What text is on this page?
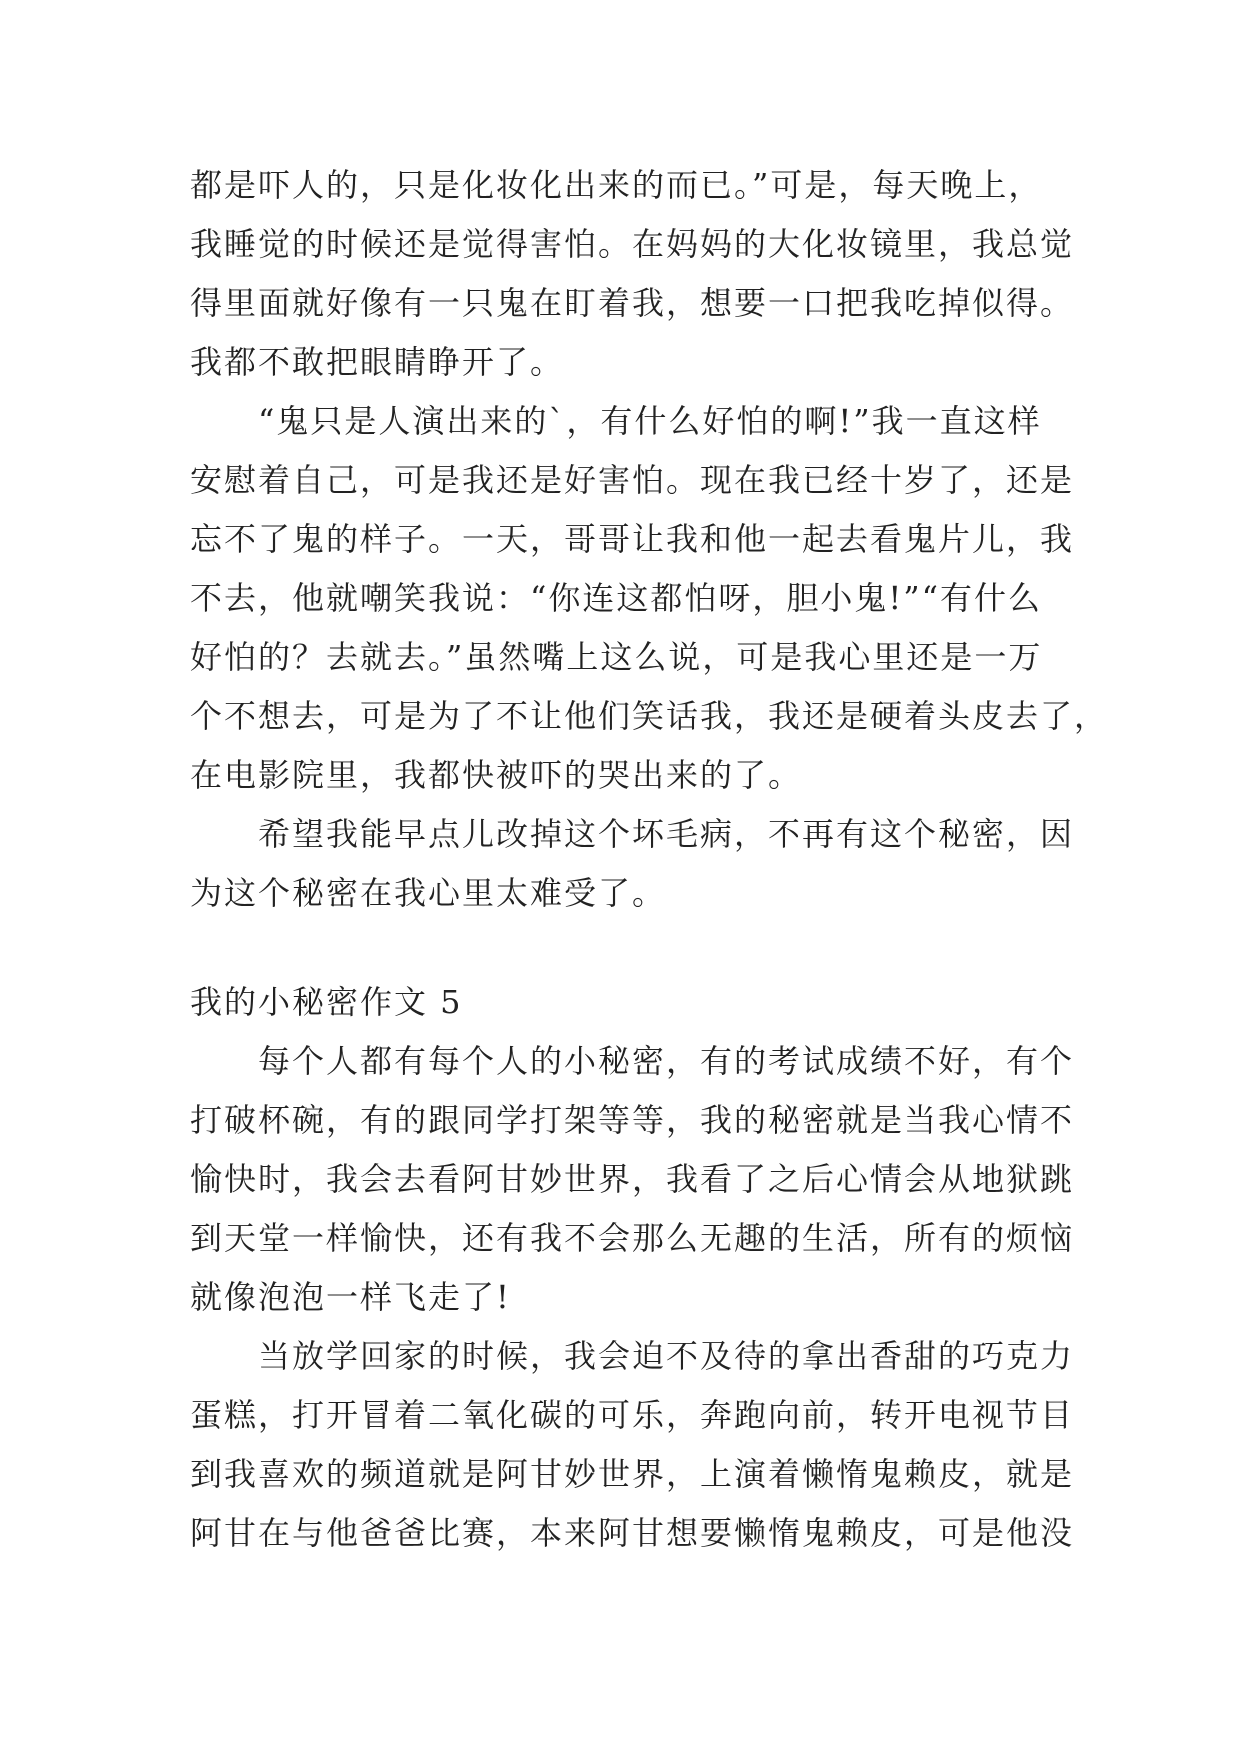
都是吓人的，只是化妆化出来的而已。”可是，每天晚上，
我睡觉的时候还是觉得害怕。在妈妈的大化妆镜里，我总觉
得里面就好像有一只鬼在盯着我，想要一口把我吃掉似得。
我都不敢把眼睛睁开了。
“鬼只是人演出来的`，有什么好怕的啊!”我一直这样
安慰着自己，可是我还是好害怕。现在我已经十岁了，还是
忘不了鬼的样子。一天，哥哥让我和他一起去看鬼片儿，我
不去，他就嘲笑我说：“你连这都怕呀，胆小鬼!”“有什么
好怕的？去就去。”虽然嘴上这么说，可是我心里还是一万
个不想去，可是为了不让他们笑话我，我还是硬着头皮去了，
在电影院里，我都快被吓的哭出来的了。
希望我能早点儿改掉这个坏毛病，不再有这个秘密，因
为这个秘密在我心里太难受了。
我的小秘密作文 5
每个人都有每个人的小秘密，有的考试成绩不好，有个
打破杯碗，有的跟同学打架等等，我的秘密就是当我心情不
愉快时，我会去看阿甘妙世界，我看了之后心情会从地狱跳
到天堂一样愉快，还有我不会那么无趣的生活，所有的烦恼
就像泡泡一样飞走了!
当放学回家的时候，我会迫不及待的拿出香甜的巧克力
蛋糕，打开冒着二氧化碳的可乐，奔跑向前，转开电视节目
到我喜欢的频道就是阿甘妙世界，上演着懒惰鬼赖皮，就是
阿甘在与他爸爸比赛，本来阿甘想要懒惰鬼赖皮，可是他没
